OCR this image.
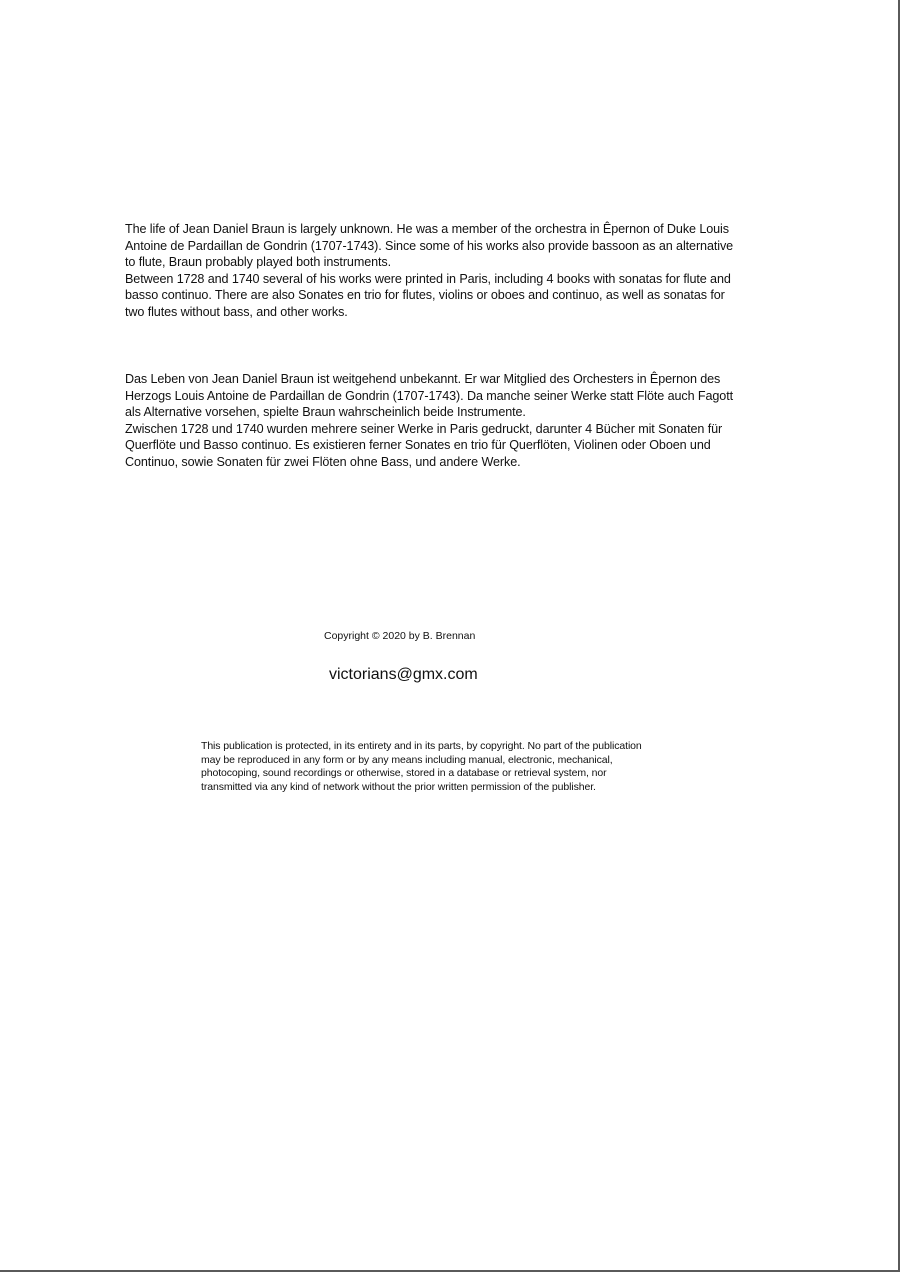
The life of Jean Daniel Braun is largely unknown. He was a member of the orchestra in Êpernon of Duke Louis Antoine de Pardaillan de Gondrin (1707-1743). Since some of his works also provide bassoon as an alternative to flute, Braun probably played both instruments.

Between 1728 and 1740 several of his works were printed in Paris, including 4 books with sonatas for flute and basso continuo. There are also Sonates en trio for flutes, violins or oboes and continuo, as well as sonatas for two flutes without bass, and other works.

Das Leben von Jean Daniel Braun ist weitgehend unbekannt. Er war Mitglied des Orchesters in Êpernon des Herzogs Louis Antoine de Pardaillan de Gondrin (1707-1743). Da manche seiner Werke statt Flöte auch Fagott als Alternative vorsehen, spielte Braun wahrscheinlich beide Instrumente.

Zwischen 1728 und 1740 wurden mehrere seiner Werke in Paris gedruckt, darunter 4 Bücher mit Sonaten für Querflöte und Basso continuo. Es existieren ferner Sonates en trio für Querflöten, Violinen oder Oboen und Continuo, sowie Sonaten für zwei Flöten ohne Bass, und andere Werke.

Copyright © 2020 by B. Brennan
victorians@gmx.com
This publication is protected, in its entirety and in its parts, by copyright. No part of the publication may be reproduced in any form or by any means including manual, electronic, mechanical, photocoping, sound recordings or otherwise, stored in a database or retrieval system, nor transmitted via any kind of network without the prior written permission of the publisher.
